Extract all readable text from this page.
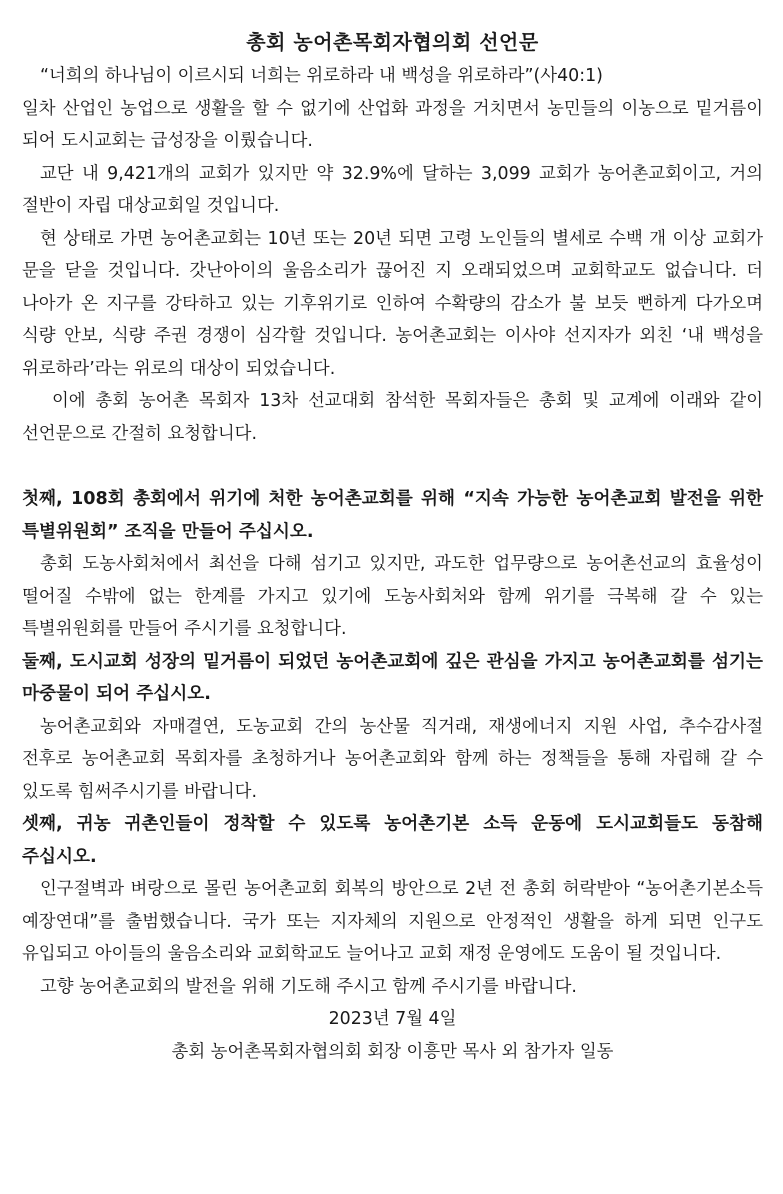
총회 농어촌목회자협의회 선언문

“너희의 하나님이 이르시되 너희는 위로하라 내 백성을 위로하라”(사40:1)

일차 산업인 농업으로 생활을 할 수 없기에 산업화 과정을 거치면서 농민들의 이농으로 밑거름이 되어 도시교회는 급성장을 이뤘습니다.

교단 내 9,421개의 교회가 있지만 약 32.9%에 달하는 3,099 교회가 농어촌교회이고, 거의 절반이 자립 대상교회일 것입니다.

현 상태로 가면 농어촌교회는 10년 또는 20년 되면 고령 노인들의 별세로 수백 개 이상 교회가 문을 닫을 것입니다. 갓난아이의 울음소리가 끊어진 지 오래되었으며 교회학교도 없습니다. 더 나아가 온 지구를 강타하고 있는 기후위기로 인하여 수확량의 감소가 불 보듯 뻔하게 다가오며 식량 안보, 식량 주권 경쟁이 심각할 것입니다. 농어촌교회는 이사야 선지자가 외친 ‘내 백성을 위로하라’라는 위로의 대상이 되었습니다.

이에 총회 농어촌 목회자 13차 선교대회 참석한 목회자들은 총회 및 교계에 이래와 같이 선언문으로 간절히 요청합니다.

첫째, 108회 총회에서 위기에 처한 농어촌교회를 위해 “지속 가능한 농어촌교회 발전을 위한 특별위원회” 조직을 만들어 주십시오.

총회 도농사회처에서 최선을 다해 섬기고 있지만, 과도한 업무량으로 농어촌선교의 효율성이 떨어질 수밖에 없는 한계를 가지고 있기에 도농사회처와 함께 위기를 극복해 갈 수 있는 특별위원회를 만들어 주시기를 요청합니다.

둘째, 도시교회 성장의 밑거름이 되었던 농어촌교회에 깊은 관심을 가지고 농어촌교회를 섬기는 마중물이 되어 주십시오.

농어촌교회와 자매결연, 도농교회 간의 농산물 직거래, 재생에너지 지원 사업, 추수감사절 전후로 농어촌교회 목회자를 초청하거나 농어촌교회와 함께 하는 정책들을 통해 자립해 갈 수 있도록 힘써주시기를 바랍니다.

셋째, 귀농 귀촌인들이 정착할 수 있도록 농어촌기본 소득 운동에 도시교회들도 동참해 주십시오.

인구절벽과 벼랑으로 몰린 농어촌교회 회복의 방안으로 2년 전 총회 허락받아 “농어촌기본소득 예장연대”를 출범했습니다. 국가 또는 지자체의 지원으로 안정적인 생활을 하게 되면 인구도 유입되고 아이들의 울음소리와 교회학교도 늘어나고 교회 재정 운영에도 도움이 될 것입니다.

고향 농어촌교회의 발전을 위해 기도해 주시고 함께 주시기를 바랍니다.

2023년 7월 4일

총회 농어촌목회자협의회 회장 이흥만 목사 외 참가자 일동
